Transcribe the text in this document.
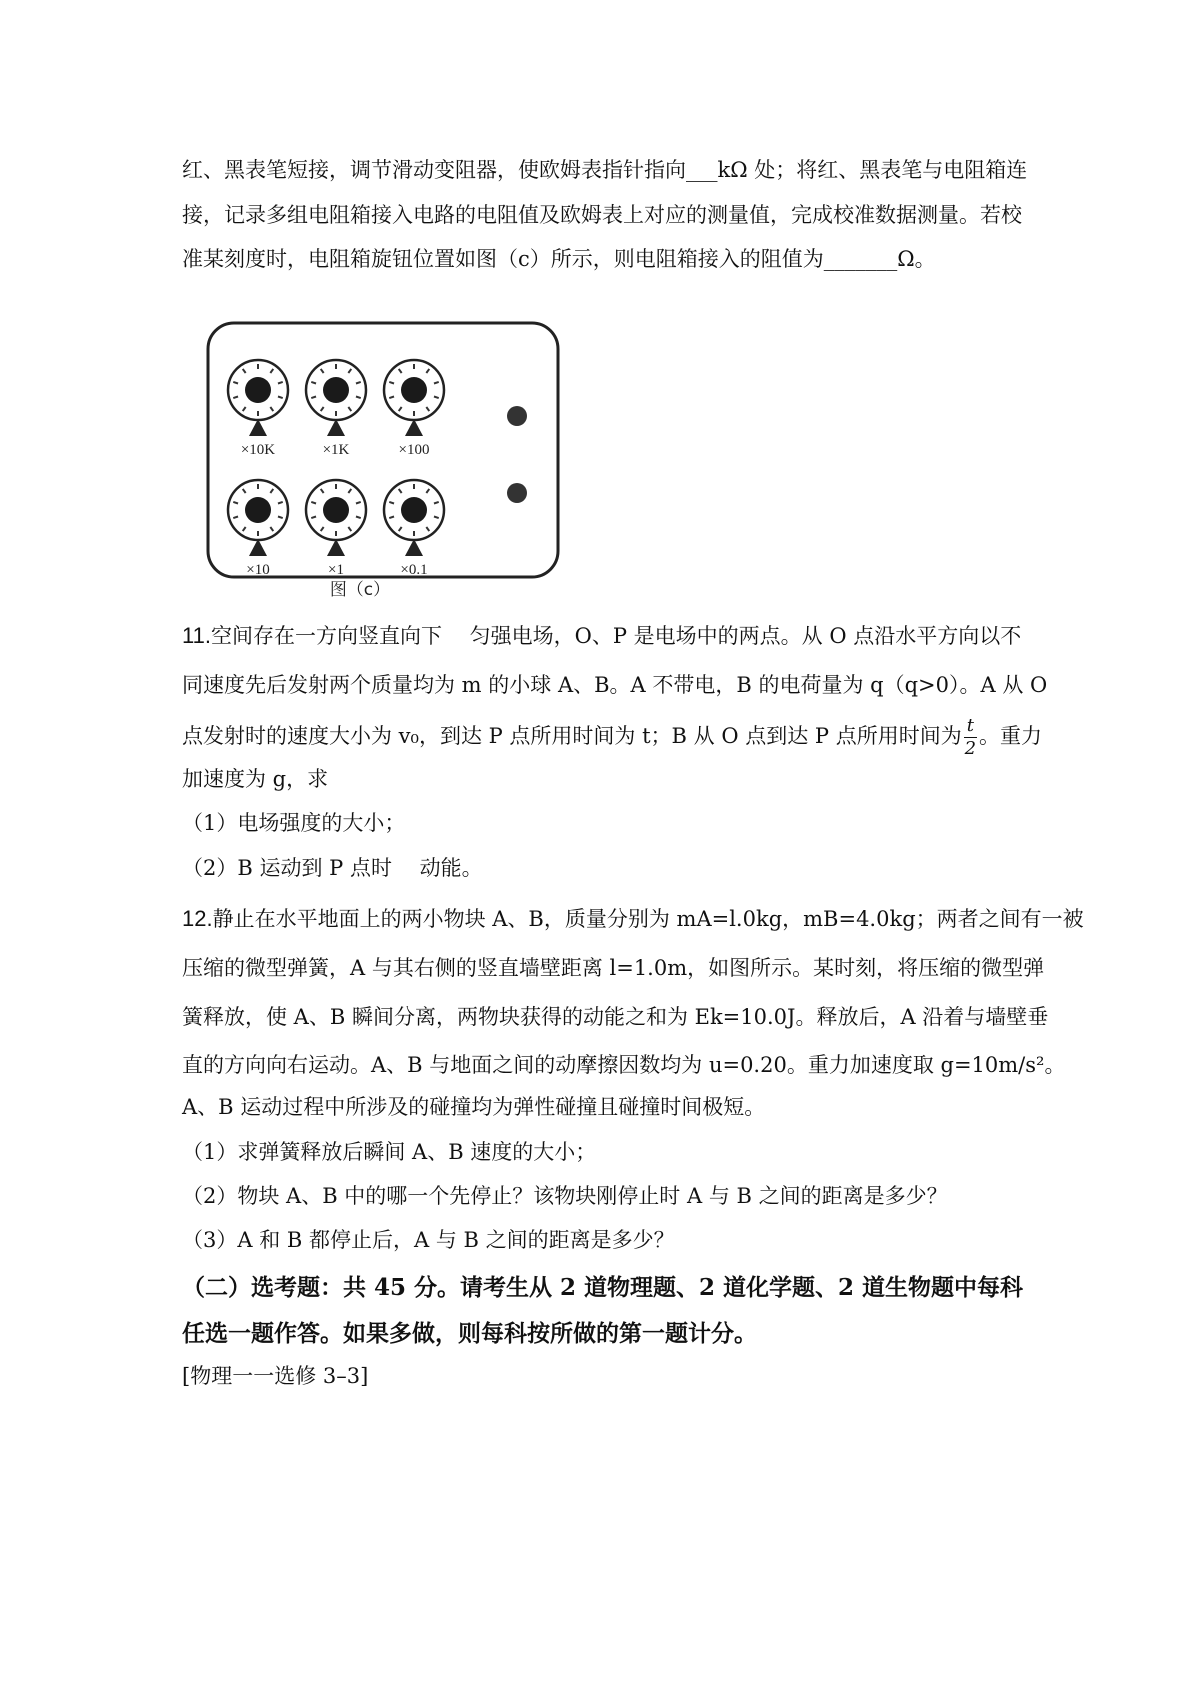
红、黑表笔短接，调节滑动变阻器，使欧姆表指针指向___kΩ 处；将红、黑表笔与电阻箱连
接，记录多组电阻箱接入电路的电阻值及欧姆表上对应的测量值，完成校准数据测量。若校
准某刻度时，电阻箱旋钮位置如图（c）所示，则电阻箱接入的阻值为_______Ω。
×10K	×1K	×100
×10	×1	×0.1
图（c）
11.空间存在一方向竖直向下　 匀强电场，O、P 是电场中的两点。从 O 点沿水平方向以不
同速度先后发射两个质量均为 m 的小球 A、B。A 不带电，B 的电荷量为 q（q>0）。A 从 O
点发射时的速度大小为 v₀，到达 P 点所用时间为 t；B 从 O 点到达 P 点所用时间为 $\frac{t}{2}$ 。重力
加速度为 g，求
（1）电场强度的大小；
（2）B 运动到 P 点时　 动能。
12.静止在水平地面上的两小物块 A、B，质量分别为 mA=l.0kg，mB=4.0kg；两者之间有一被
压缩的微型弹簧，A 与其右侧的竖直墙壁距离 l=1.0m，如图所示。某时刻，将压缩的微型弹
簧释放，使 A、B 瞬间分离，两物块获得的动能之和为 Ek=10.0J。释放后，A 沿着与墙壁垂
直的方向向右运动。A、B 与地面之间的动摩擦因数均为 u=0.20。重力加速度取 g=10m/s²。
A、B 运动过程中所涉及的碰撞均为弹性碰撞且碰撞时间极短。
（1）求弹簧释放后瞬间 A、B 速度的大小；
（2）物块 A、B 中的哪一个先停止？该物块刚停止时 A 与 B 之间的距离是多少？
（3）A 和 B 都停止后，A 与 B 之间的距离是多少？
（二）选考题：共 45 分。请考生从 2 道物理题、2 道化学题、2 道生物题中每科
任选一题作答。如果多做，则每科按所做的第一题计分。
[物理一一选修 3–3]
